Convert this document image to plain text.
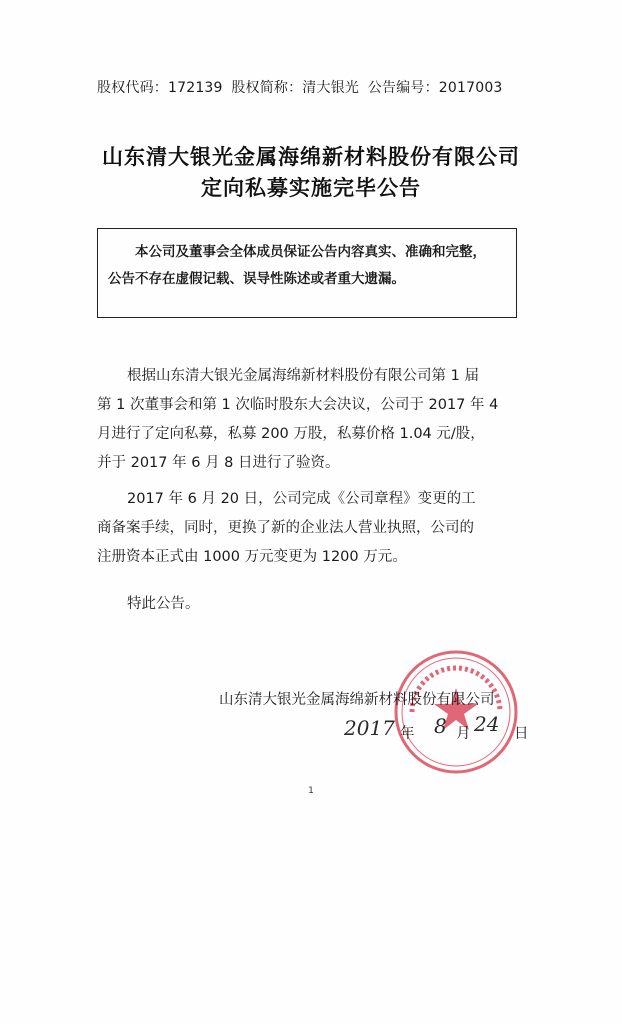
股权代码：172139 股权简称：清大银光 公告编号：2017003
山东清大银光金属海绵新材料股份有限公司
定向私募实施完毕公告
本公司及董事会全体成员保证公告内容真实、准确和完整，
公告不存在虚假记载、误导性陈述或者重大遗漏。
根据山东清大银光金属海绵新材料股份有限公司第 1 届
第 1 次董事会和第 1 次临时股东大会决议，公司于 2017 年 4
月进行了定向私募，私募 200 万股，私募价格 1.04 元/股，
并于 2017 年 6 月 8 日进行了验资。
2017 年 6 月 20 日，公司完成《公司章程》变更的工
商备案手续，同时，更换了新的企业法人营业执照，公司的
注册资本正式由 1000 万元变更为 1200 万元。
特此公告。
山东清大银光金属海绵新材料股份有限公司
2017 年 8 月 24 日
1
